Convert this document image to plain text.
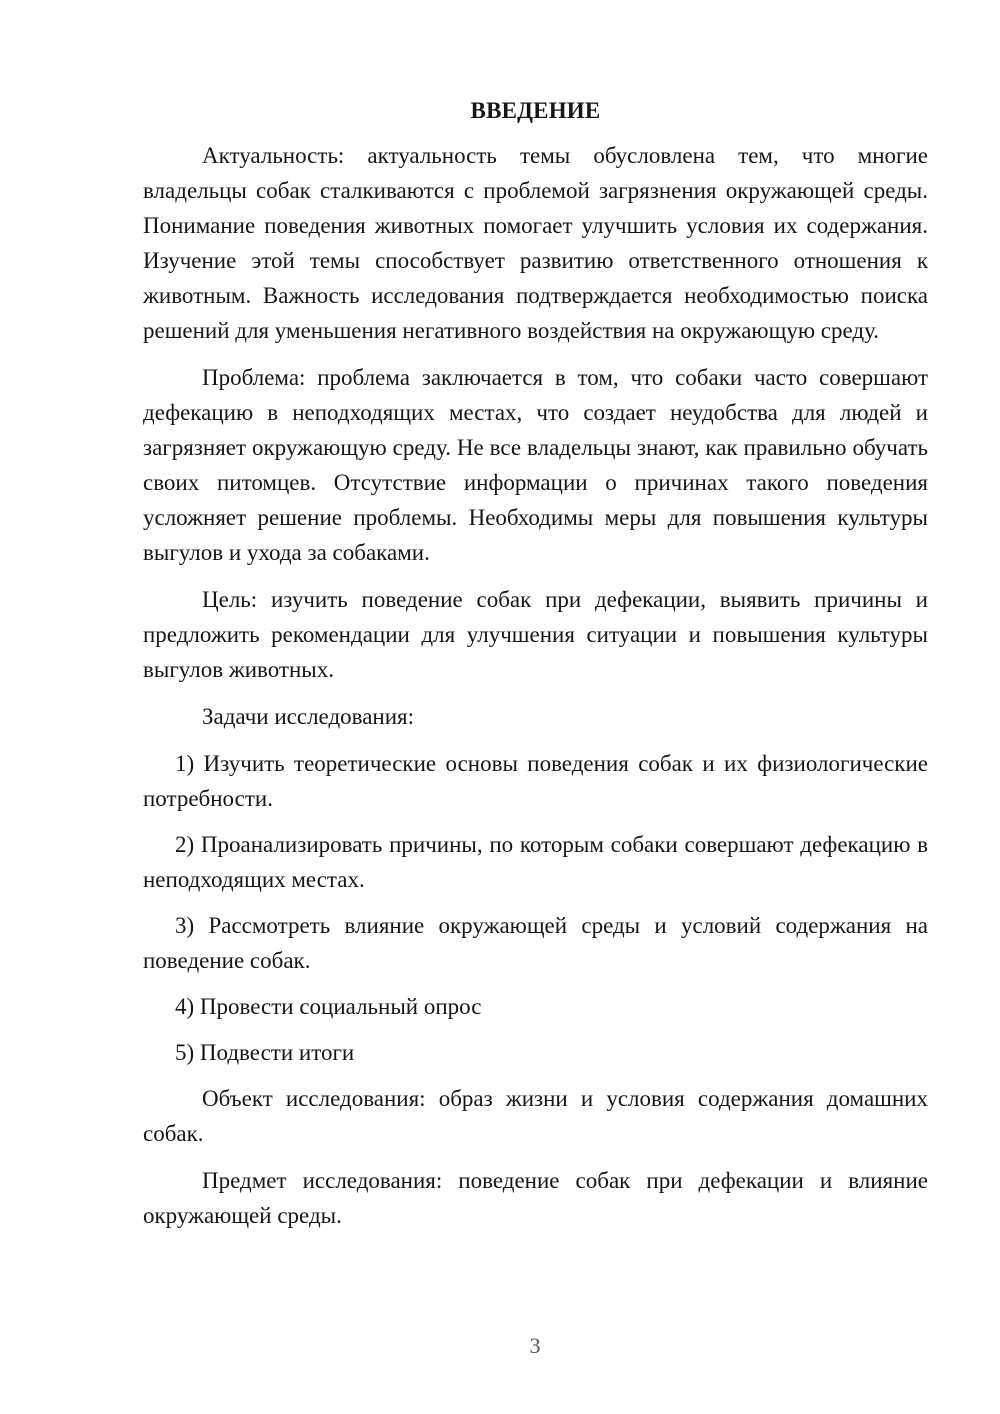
ВВЕДЕНИЕ

Актуальность: актуальность темы обусловлена тем, что многие владельцы собак сталкиваются с проблемой загрязнения окружающей среды. Понимание поведения животных помогает улучшить условия их содержания. Изучение этой темы способствует развитию ответственного отношения к животным. Важность исследования подтверждается необходимостью поиска решений для уменьшения негативного воздействия на окружающую среду.

Проблема: проблема заключается в том, что собаки часто совершают дефекацию в неподходящих местах, что создает неудобства для людей и загрязняет окружающую среду. Не все владельцы знают, как правильно обучать своих питомцев. Отсутствие информации о причинах такого поведения усложняет решение проблемы. Необходимы меры для повышения культуры выгулов и ухода за собаками.

Цель: изучить поведение собак при дефекации, выявить причины и предложить рекомендации для улучшения ситуации и повышения культуры выгулов животных.

Задачи исследования:

1) Изучить теоретические основы поведения собак и их физиологические потребности.

2) Проанализировать причины, по которым собаки совершают дефекацию в неподходящих местах.

3) Рассмотреть влияние окружающей среды и условий содержания на поведение собак.

4) Провести социальный опрос

5) Подвести итоги

Объект исследования: образ жизни и условия содержания домашних собак.

Предмет исследования: поведение собак при дефекации и влияние окружающей среды.

3
